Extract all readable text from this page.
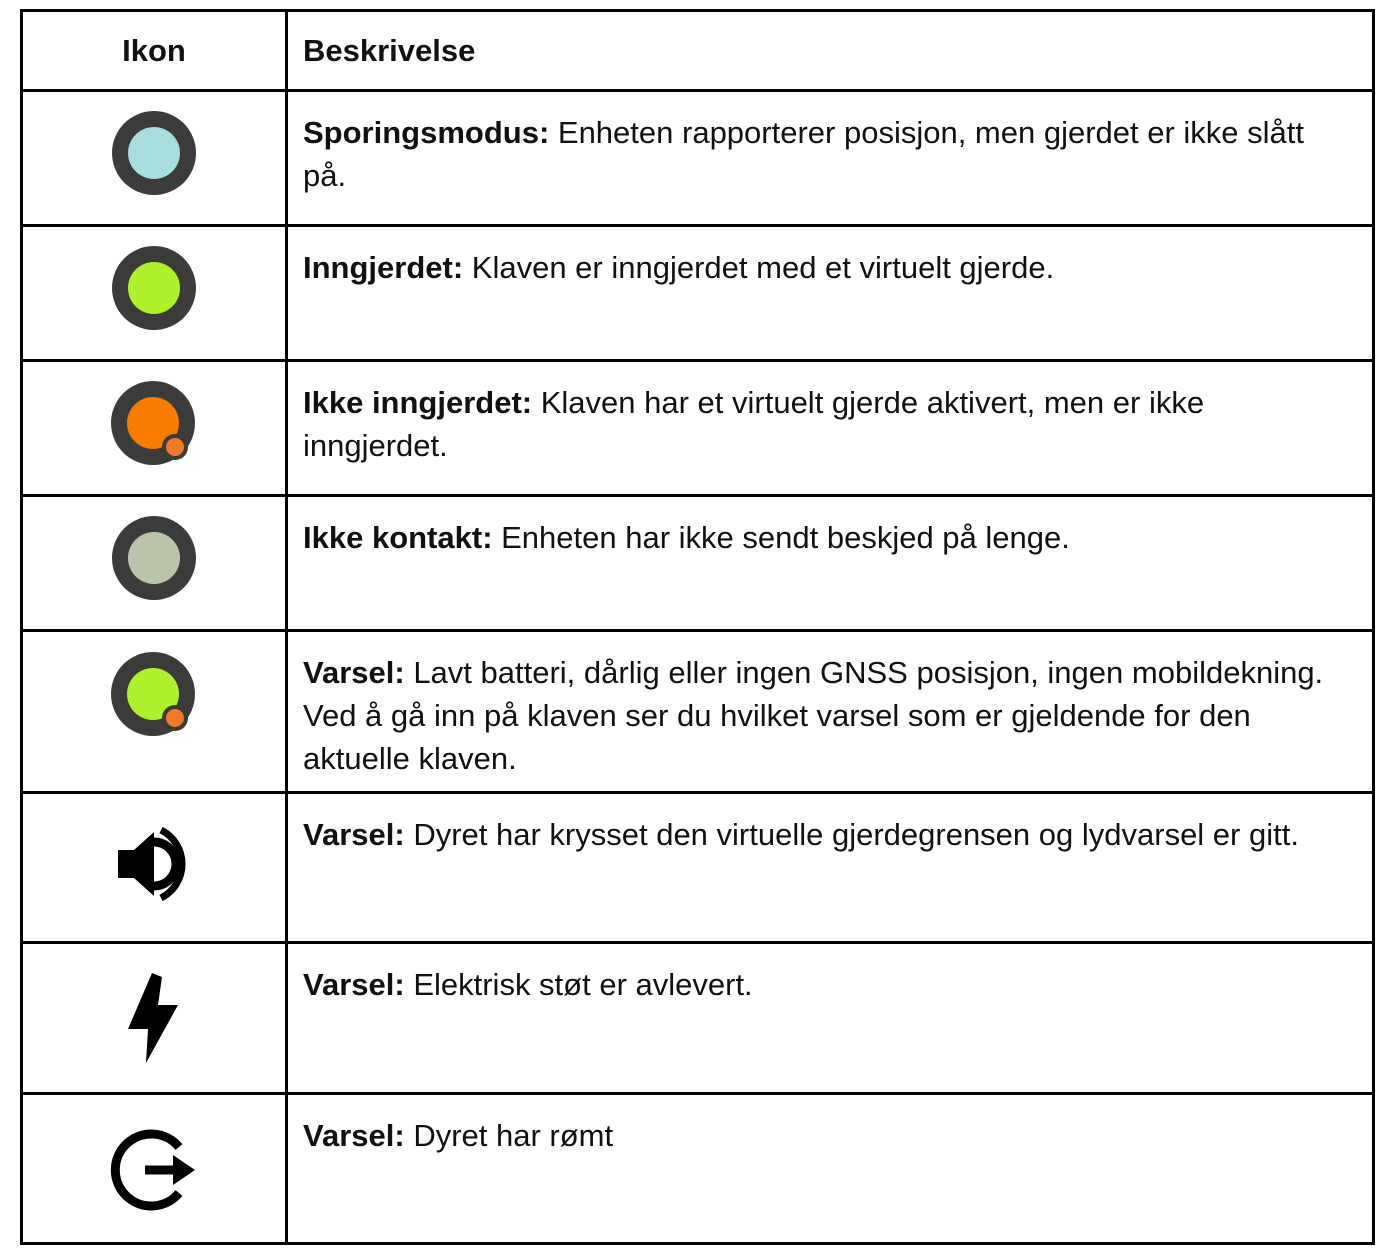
Ikon	Beskrivelse

	Sporingsmodus: Enheten rapporterer posisjon, men gjerdet er ikke slått på.

	Inngjerdet: Klaven er inngjerdet med et virtuelt gjerde.

	Ikke inngjerdet: Klaven har et virtuelt gjerde aktivert, men er ikke inngjerdet.

	Ikke kontakt: Enheten har ikke sendt beskjed på lenge.

	Varsel: Lavt batteri, dårlig eller ingen GNSS posisjon, ingen mobildekning. Ved å gå inn på klaven ser du hvilket varsel som er gjeldende for den aktuelle klaven.

	Varsel: Dyret har krysset den virtuelle gjerdegrensen og lydvarsel er gitt.

	Varsel: Elektrisk støt er avlevert.

	Varsel: Dyret har rømt
